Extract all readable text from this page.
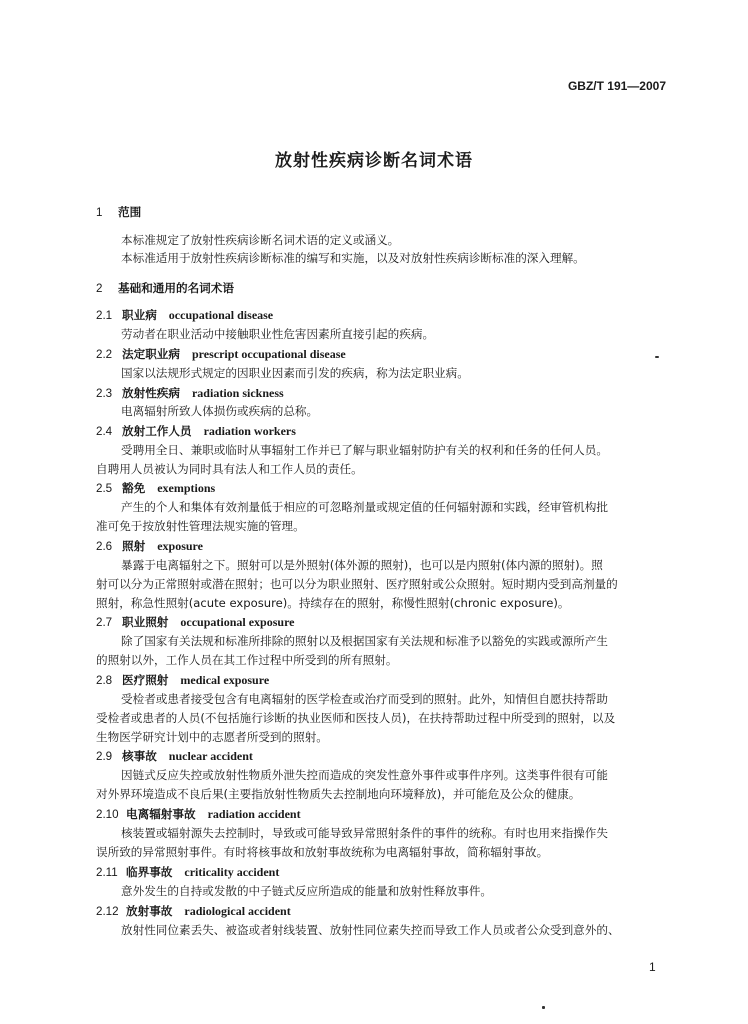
GBZ/T 191—2007
放射性疾病诊断名词术语
1 范围
本标准规定了放射性疾病诊断名词术语的定义或涵义。
本标准适用于放射性疾病诊断标准的编写和实施，以及对放射性疾病诊断标准的深入理解。
2 基础和通用的名词术语
2.1 职业病 occupational disease
劳动者在职业活动中接触职业性危害因素所直接引起的疾病。
2.2 法定职业病 prescript occupational disease
国家以法规形式规定的因职业因素而引发的疾病，称为法定职业病。
2.3 放射性疾病 radiation sickness
电离辐射所致人体损伤或疾病的总称。
2.4 放射工作人员 radiation workers
受聘用全日、兼职或临时从事辐射工作并已了解与职业辐射防护有关的权利和任务的任何人员。
自聘用人员被认为同时具有法人和工作人员的责任。
2.5 豁免 exemptions
产生的个人和集体有效剂量低于相应的可忽略剂量或规定值的任何辐射源和实践，经审管机构批
准可免于按放射性管理法规实施的管理。
2.6 照射 exposure
暴露于电离辐射之下。照射可以是外照射(体外源的照射)，也可以是内照射(体内源的照射)。照
射可以分为正常照射或潜在照射；也可以分为职业照射、医疗照射或公众照射。短时期内受到高剂量的
照射，称急性照射(acute exposure)。持续存在的照射，称慢性照射(chronic exposure)。
2.7 职业照射 occupational exposure
除了国家有关法规和标准所排除的照射以及根据国家有关法规和标准予以豁免的实践或源所产生
的照射以外，工作人员在其工作过程中所受到的所有照射。
2.8 医疗照射 medical exposure
受检者或患者接受包含有电离辐射的医学检查或治疗而受到的照射。此外，知情但自愿扶持帮助
受检者或患者的人员(不包括施行诊断的执业医师和医技人员)，在扶持帮助过程中所受到的照射，以及
生物医学研究计划中的志愿者所受到的照射。
2.9 核事故 nuclear accident
因链式反应失控或放射性物质外泄失控而造成的突发性意外事件或事件序列。这类事件很有可能
对外界环境造成不良后果(主要指放射性物质失去控制地向环境释放)，并可能危及公众的健康。
2.10 电离辐射事故 radiation accident
核装置或辐射源失去控制时，导致或可能导致异常照射条件的事件的统称。有时也用来指操作失
误所致的异常照射事件。有时将核事故和放射事故统称为电离辐射事故，简称辐射事故。
2.11 临界事故 criticality accident
意外发生的自持或发散的中子链式反应所造成的能量和放射性释放事件。
2.12 放射事故 radiological accident
放射性同位素丢失、被盗或者射线装置、放射性同位素失控而导致工作人员或者公众受到意外的、
1
